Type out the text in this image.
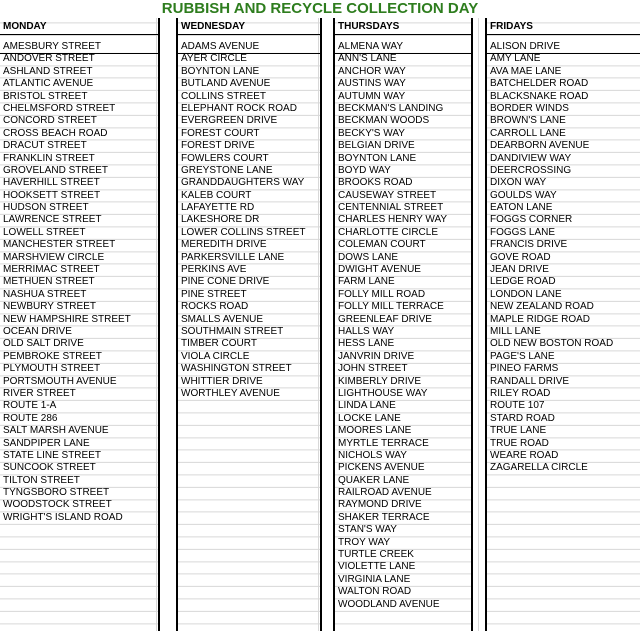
RUBBISH AND RECYCLE COLLECTION DAY
MONDAY
AMESBURY STREET
ANDOVER STREET
ASHLAND STREET
ATLANTIC AVENUE
BRISTOL STREET
CHELMSFORD STREET
CONCORD STREET
CROSS BEACH ROAD
DRACUT STREET
FRANKLIN STREET
GROVELAND STREET
HAVERHILL STREET
HOOKSETT STREET
HUDSON STREET
LAWRENCE STREET
LOWELL STREET
MANCHESTER STREET
MARSHVIEW CIRCLE
MERRIMAC STREET
METHUEN STREET
NASHUA STREET
NEWBURY STREET
NEW HAMPSHIRE STREET
OCEAN DRIVE
OLD SALT DRIVE
PEMBROKE STREET
PLYMOUTH STREET
PORTSMOUTH AVENUE
RIVER STREET
ROUTE 1-A
ROUTE 286
SALT MARSH AVENUE
SANDPIPER LANE
STATE LINE STREET
SUNCOOK STREET
TILTON STREET
TYNGSBORO STREET
WOODSTOCK STREET
WRIGHT'S ISLAND ROAD
WEDNESDAY
ADAMS AVENUE
AYER CIRCLE
BOYNTON LANE
BUTLAND AVENUE
COLLINS STREET
ELEPHANT ROCK ROAD
EVERGREEN DRIVE
FOREST COURT
FOREST DRIVE
FOWLERS COURT
GREYSTONE LANE
GRANDDAUGHTERS WAY
KALEB COURT
LAFAYETTE RD
LAKESHORE DR
LOWER COLLINS STREET
MEREDITH DRIVE
PARKERSVILLE LANE
PERKINS AVE
PINE CONE DRIVE
PINE STREET
ROCKS ROAD
SMALLS AVENUE
SOUTHMAIN STREET
TIMBER COURT
VIOLA CIRCLE
WASHINGTON STREET
WHITTIER DRIVE
WORTHLEY AVENUE
THURSDAYS
ALMENA WAY
ANN'S LANE
ANCHOR WAY
AUSTINS WAY
AUTUMN WAY
BECKMAN'S LANDING
BECKMAN WOODS
BECKY'S WAY
BELGIAN DRIVE
BOYNTON LANE
BOYD WAY
BROOKS ROAD
CAUSEWAY STREET
CENTENNIAL STREET
CHARLES HENRY WAY
CHARLOTTE CIRCLE
COLEMAN COURT
DOWS LANE
DWIGHT AVENUE
FARM LANE
FOLLY MILL ROAD
FOLLY MILL TERRACE
GREENLEAF DRIVE
HALLS WAY
HESS LANE
JANVRIN DRIVE
JOHN STREET
KIMBERLY DRIVE
LIGHTHOUSE WAY
LINDA LANE
LOCKE LANE
MOORES LANE
MYRTLE TERRACE
NICHOLS WAY
PICKENS AVENUE
QUAKER LANE
RAILROAD AVENUE
RAYMOND DRIVE
SHAKER TERRACE
STAN'S WAY
TROY WAY
TURTLE CREEK
VIOLETTE LANE
VIRGINIA LANE
WALTON ROAD
WOODLAND AVENUE
FRIDAYS
ALISON DRIVE
AMY LANE
AVA MAE LANE
BATCHELDER ROAD
BLACKSNAKE ROAD
BORDER WINDS
BROWN'S LANE
CARROLL LANE
DEARBORN AVENUE
DANDIVIEW WAY
DEERCROSSING
DIXON WAY
GOULDS WAY
EATON LANE
FOGGS CORNER
FOGGS LANE
FRANCIS DRIVE
GOVE ROAD
JEAN DRIVE
LEDGE ROAD
LONDON LANE
NEW ZEALAND ROAD
MAPLE RIDGE ROAD
MILL LANE
OLD NEW BOSTON ROAD
PAGE'S LANE
PINEO FARMS
RANDALL DRIVE
RILEY ROAD
ROUTE 107
STARD ROAD
TRUE LANE
TRUE ROAD
WEARE ROAD
ZAGARELLA CIRCLE
